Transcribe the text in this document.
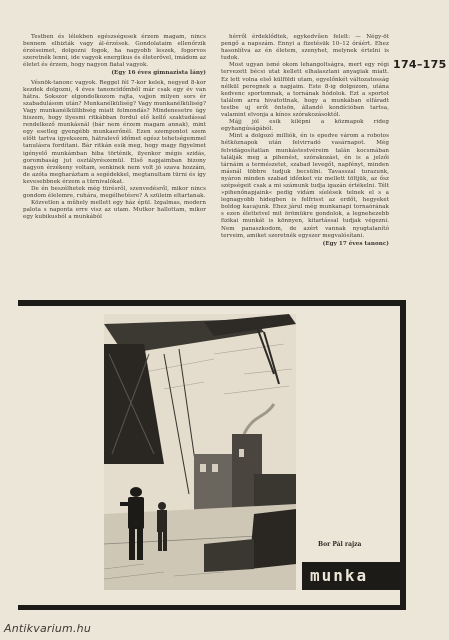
Testben és lélekben egészségesek érzem magam, nincs bennem elbizták vagy ál-érzések. Gondolataim ellenőrzik érzéseimet, dolgozni fogok, ha nagyobb leszek, fogorvos szeretnék lenni, ide vagyok energikus és életerővel, imádom az életet és érzem, hogy nagyon fiatal vagyok.

(Egy 16 éves gimnazista lány)

Vésnök-tanonc vagyok. Reggel fél 7-kor kelek, negyed 8-kor kezdek dolgozni, 4 éves tanoncidőmből már csak egy év van hátra. Sokszor elgondolkozom rajta, vajjon milyen sors ér szabadulásom után? Munkanélküliség? Vagy munkanélküliség? Vagy munkanélkülibbség miatt felmondás? Mindenesetre úgy hiszem, hogy ilyesmi ritkábban fordul elő kellő szaktudással rendelkező munkásnál (bár nem érzem magam annak), mint egy esetleg gyengébb munkaerőnél. Ezen szempontot szem előtt tartva igyekszem, hátralevő időmet egész tehetségemmel tanulásra fordítani. Bár ritkán esik meg, hogy magy figyelmet igényelő munkámban hiba történik, ilyenkor mégis szidás, gorombaság jut osztályrészemül. Első napjaimban bizony nagyon érzékeny voltam, senkinek nem volt jó szava hozzám, de azóta megharáztam a segédekkel, megtanultam türni és így kevesebbnek érzem a türnivalókat.

De én beszélhetek még türésről, szenvedésről, mikor nincs gondom élelemre, ruhára, megélhetésre? A szüleim eltartanak.

Közvetlen a műhely mellett egy ház épül. Izgalmas, modern palota s naponta erre visz az utam. Mutkor hallottam, mikor egy kubikusból a munkából

hérről érdeklődtek, egykedvűen felelt: — Négy-öt pengő a napszám. Ennyi a fizetésük 10–12 óráért. Ehez hasonlítva az én életem, szenyhet, melynek értelni is tudok.

Most ugyan ismé okom lehangoltságra, mert egy régi tervezett bécsi utat kellett elhalasztani anyagiak miatt. Ez lett volna első külföldi utam, egyelőnkét változatosság nélkül peregnek a napjaim. Este 8-ig dolgozom, utána kedvenc sportomnak, a tornának hódolok. Ezt a sportot találom arra hivatottnak, hogy a munkában elfáradt testbe uj erőt öntsön, állandó kondícióban tartsa, valamint elvonja a kínos szórakozásoktól.

Májj jól esik kilépni a közmapok rideg egyhangúságából.

Mint a dolgozó milliók, én is epedve várom a robotos hétköznapok után felvirradó vasárnapot. Még felvidágosítatlan munkástestvéreim talán kocsmában találják meg a pihenést, szórakozást, én is a jelzői tárnáim a természetet, szabad levegőt, napfényt, minden másnál többre tudjuk becsülni. Tavasszal turazunk, nyáron minden szabad időnket viz mellett töltjük, az ősz szépségeit csak a mi számunk tudja igazán értékelni. Télt »pihenőnapjaink« pedig vidám síelések telnek el s a legnagyobb hidegben is felfrisst az erdőt, hegyeket boldog kacajunk. Ehez járul még munkanapi tornaórának s ezen élettetvel mit örömükre gondolok, a legnehezebb fizikai munkát is könnyen, kitartással tudjak végezni. Nem panaszkodom, de azért vannak nyugtalanító terveim, amiket szeretnék egyszer megvalósítani.

(Egy 17 éves tanonc)

174–175
Bor Pál rajza
munka
Antikvarium.hu
